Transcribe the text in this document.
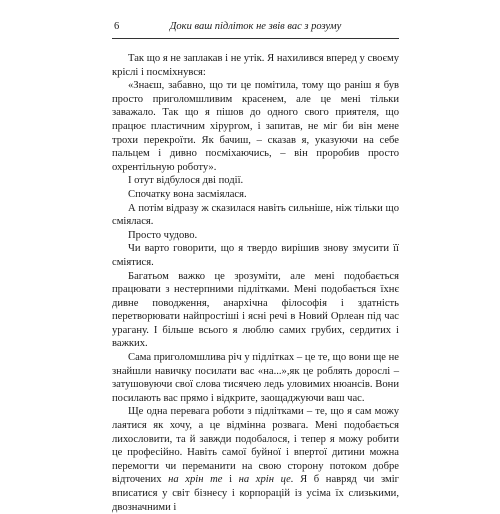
6	Доки ваш підліток не звів вас з розуму

Так що я не заплакав і не утік. Я нахилився вперед у своєму кріслі і посміхнувся:

«Знаєш, забавно, що ти це помітила, тому що раніш я був просто приголомшливим красенем, але це мені тільки заважало. Так що я пішов до одного свого приятеля, що працює пластичним хірургом, і запитав, не міг би він мене трохи перекроїти. Як бачиш, – сказав я, указуючи на себе пальцем і дивно посміхаючись, – він проробив просто охрентільную роботу».

І отут відбулося дві події.

Спочатку вона засміялася.

А потім відразу ж сказилася навіть сильніше, ніж тільки що сміялася.

Просто чудово.

Чи варто говорити, що я твердо вирішив знову змусити її сміятися.

Багатьом важко це зрозуміти, але мені подобається працювати з нестерпними підлітками. Мені подобається їхнє дивне поводження, анархічна філософія і здатність перетворювати найпростіші і ясні речі в Новий Орлеан під час урагану. І більше всього я люблю самих грубих, сердитих і важких.

Сама приголомшлива річ у підлітках – це те, що вони ще не знайшли навичку посилати вас «на...»,як це роблять дорослі – затушовуючи свої слова тисячею ледь уловимих нюансів. Вони посилають вас прямо і відкрите, заощаджуючи ваш час.

Ще одна перевага роботи з підлітками – те, що я сам можу лаятися як хочу, а це відмінна розвага. Мені подобається лихословити, та й завжди подобалося, і тепер я можу робити це професійно. Навіть самої буйної і впертої дитини можна перемогти чи переманити на свою сторону потоком добре відточених на хрін те і на хрін це. Я б навряд чи зміг вписатися у світ бізнесу і корпорацій із усіма їх слизькими, двозначними і
